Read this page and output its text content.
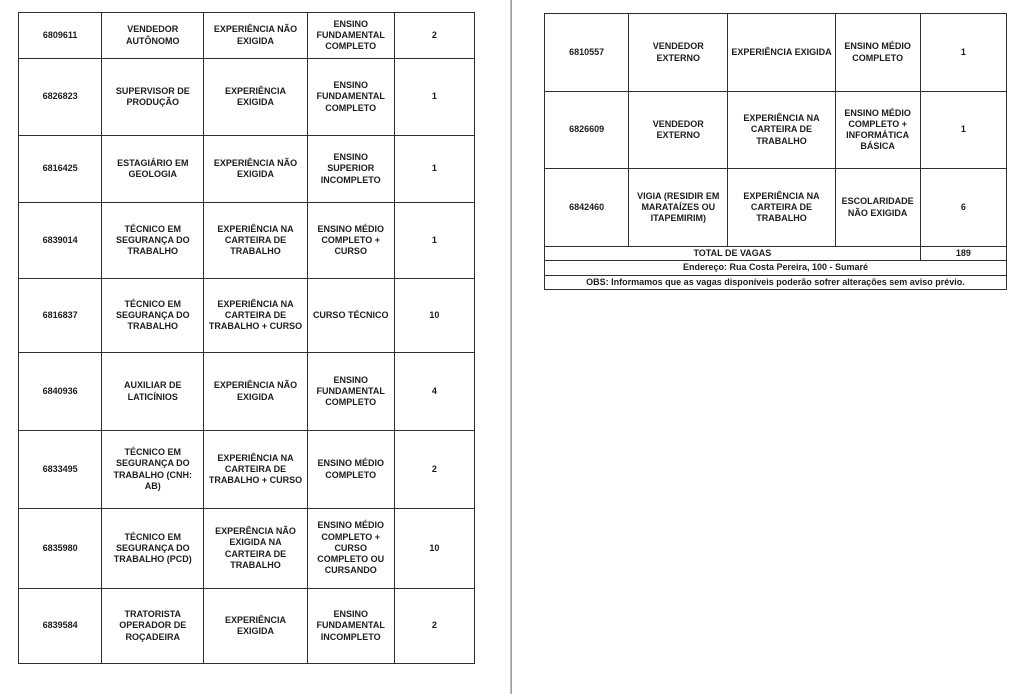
6809611	VENDEDOR AUTÔNOMO	EXPERIÊNCIA NÃO EXIGIDA	ENSINO FUNDAMENTAL COMPLETO	2
6826823	SUPERVISOR DE PRODUÇÃO	EXPERIÊNCIA EXIGIDA	ENSINO FUNDAMENTAL COMPLETO	1
6816425	ESTAGIÁRIO EM GEOLOGIA	EXPERIÊNCIA NÃO EXIGIDA	ENSINO SUPERIOR INCOMPLETO	1
6839014	TÉCNICO EM SEGURANÇA DO TRABALHO	EXPERIÊNCIA NA CARTEIRA DE TRABALHO	ENSINO MÉDIO COMPLETO + CURSO	1
6816837	TÉCNICO EM SEGURANÇA DO TRABALHO	EXPERIÊNCIA NA CARTEIRA DE TRABALHO + CURSO	CURSO TÉCNICO	10
6840936	AUXILIAR DE LATICÍNIOS	EXPERIÊNCIA NÃO EXIGIDA	ENSINO FUNDAMENTAL COMPLETO	4
6833495	TÉCNICO EM SEGURANÇA DO TRABALHO (CNH: AB)	EXPERIÊNCIA NA CARTEIRA DE TRABALHO + CURSO	ENSINO MÉDIO COMPLETO	2
6835980	TÉCNICO EM SEGURANÇA DO TRABALHO (PCD)	EXPERÊNCIA NÃO EXIGIDA NA CARTEIRA DE TRABALHO	ENSINO MÉDIO COMPLETO + CURSO COMPLETO OU CURSANDO	10
6839584	TRATORISTA OPERADOR DE ROÇADEIRA	EXPERIÊNCIA EXIGIDA	ENSINO FUNDAMENTAL INCOMPLETO	2
6810557	VENDEDOR EXTERNO	EXPERIÊNCIA EXIGIDA	ENSINO MÉDIO COMPLETO	1
6826609	VENDEDOR EXTERNO	EXPERIÊNCIA NA CARTEIRA DE TRABALHO	ENSINO MÉDIO COMPLETO + INFORMÁTICA BÁSICA	1
6842460	VIGIA (RESIDIR EM MARATAÍZES OU ITAPEMIRIM)	EXPERIÊNCIA NA CARTEIRA DE TRABALHO	ESCOLARIDADE NÃO EXIGIDA	6
TOTAL DE VAGAS				189
Endereço: Rua Costa Pereira, 100 - Sumaré				
OBS: Informamos que as vagas disponíveis poderão sofrer alterações sem aviso prévio.				
